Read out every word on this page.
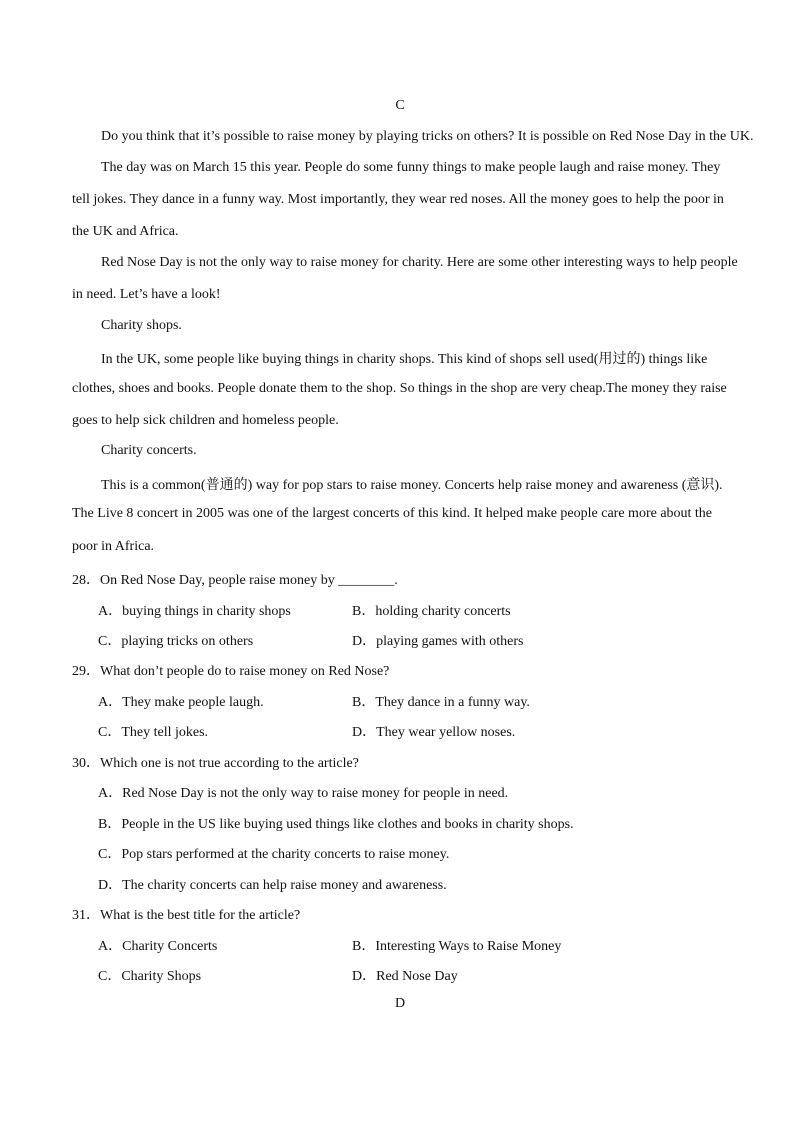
C
Do you think that it’s possible to raise money by playing tricks on others? It is possible on Red Nose Day in the UK.
The day was on March 15 this year. People do some funny things to make people laugh and raise money. They
tell jokes. They dance in a funny way. Most importantly, they wear red noses. All the money goes to help the poor in
the UK and Africa.
Red Nose Day is not the only way to raise money for charity. Here are some other interesting ways to help people
in need. Let’s have a look!
Charity shops.
In the UK, some people like buying things in charity shops. This kind of shops sell used(用过的) things like
clothes, shoes and books. People donate them to the shop. So things in the shop are very cheap.The money they raise
goes to help sick children and homeless people.
Charity concerts.
This is a common(普通的) way for pop stars to raise money. Concerts help raise money and awareness (意识).
The Live 8 concert in 2005 was one of the largest concerts of this kind. It helped make people care more about the
poor in Africa.
28．On Red Nose Day, people raise money by ________.
A．buying things in charity shops	B．holding charity concerts
C．playing tricks on others	D．playing games with others
29．What don’t people do to raise money on Red Nose?
A．They make people laugh.	B．They dance in a funny way.
C．They tell jokes.	D．They wear yellow noses.
30．Which one is not true according to the article?
A．Red Nose Day is not the only way to raise money for people in need.
B．People in the US like buying used things like clothes and books in charity shops.
C．Pop stars performed at the charity concerts to raise money.
D．The charity concerts can help raise money and awareness.
31．What is the best title for the article?
A．Charity Concerts	B．Interesting Ways to Raise Money
C．Charity Shops	D．Red Nose Day
D
